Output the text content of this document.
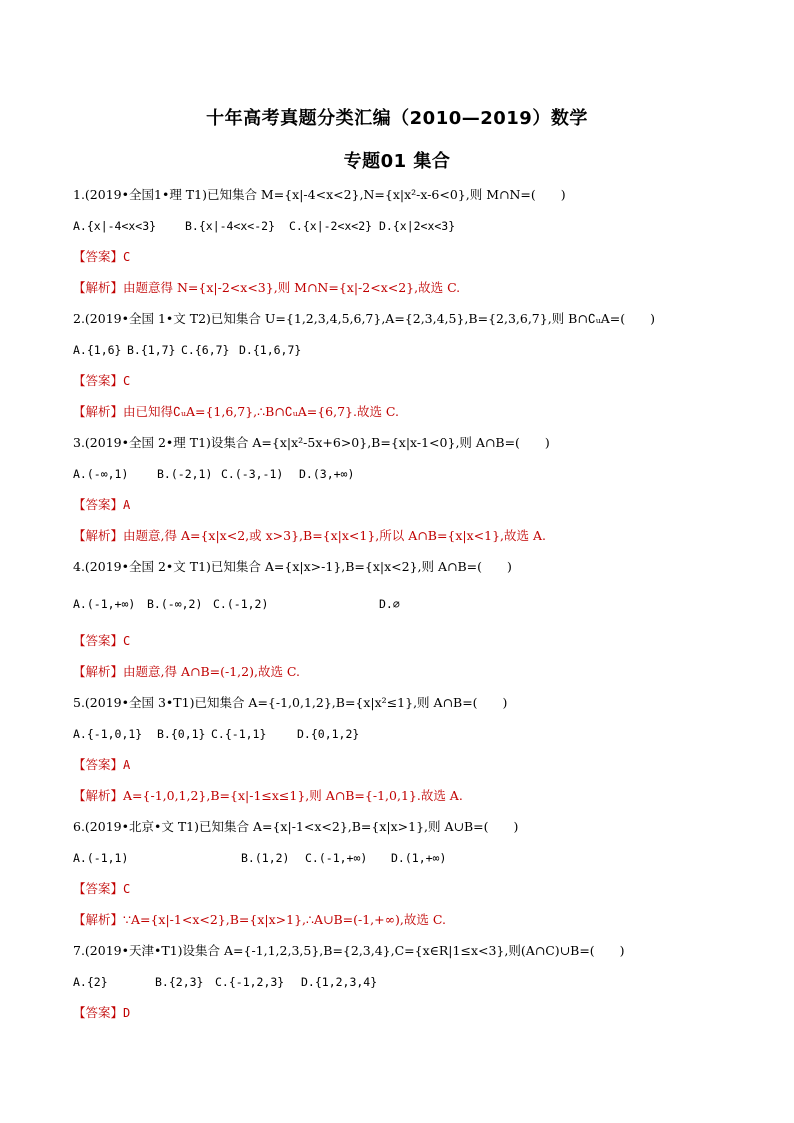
十年高考真题分类汇编（2010—2019）数学
专题01 集合
1.(2019•全国1•理 T1)已知集合 M={x|-4<x<2},N={x|x²-x-6<0},则 M∩N=(　　)
A.{x|-4<x<3}	B.{x|-4<x<-2} C.{x|-2<x<2} D.{x|2<x<3}
【答案】C
【解析】由题意得 N={x|-2<x<3},则 M∩N={x|-2<x<2},故选 C.
2.(2019•全国 1•文 T2)已知集合 U={1,2,3,4,5,6,7},A={2,3,4,5},B={2,3,6,7},则 B∩∁ᵤA=(　　)
A.{1,6} B.{1,7} C.{6,7} D.{1,6,7}
【答案】C
【解析】由已知得∁ᵤA={1,6,7},∴B∩∁ᵤA={6,7}.故选 C.
3.(2019•全国 2•理 T1)设集合 A={x|x²-5x+6>0},B={x|x-1<0},则 A∩B=(　　)
A.(-∞,1) B.(-2,1) C.(-3,-1) D.(3,+∞)
【答案】A
【解析】由题意,得 A={x|x<2,或 x>3},B={x|x<1},所以 A∩B={x|x<1},故选 A.
4.(2019•全国 2•文 T1)已知集合 A={x|x>-1},B={x|x<2},则 A∩B=(　　)
A.(-1,+∞) B.(-∞,2) C.(-1,2)	D.∅
【答案】C
【解析】由题意,得 A∩B=(-1,2),故选 C.
5.(2019•全国 3•T1)已知集合 A={-1,0,1,2},B={x|x²≤1},则 A∩B=(　　)
A.{-1,0,1} B.{0,1} C.{-1,1}	D.{0,1,2}
【答案】A
【解析】A={-1,0,1,2},B={x|-1≤x≤1},则 A∩B={-1,0,1}.故选 A.
6.(2019•北京•文 T1)已知集合 A={x|-1<x<2},B={x|x>1},则 A∪B=(　　)
A.(-1,1)	B.(1,2) C.(-1,+∞) D.(1,+∞)
【答案】C
【解析】∵A={x|-1<x<2},B={x|x>1},∴A∪B=(-1,+∞),故选 C.
7.(2019•天津•T1)设集合 A={-1,1,2,3,5},B={2,3,4},C={x∈R|1≤x<3},则(A∩C)∪B=(　　)
A.{2}	B.{2,3} C.{-1,2,3} D.{1,2,3,4}
【答案】D
